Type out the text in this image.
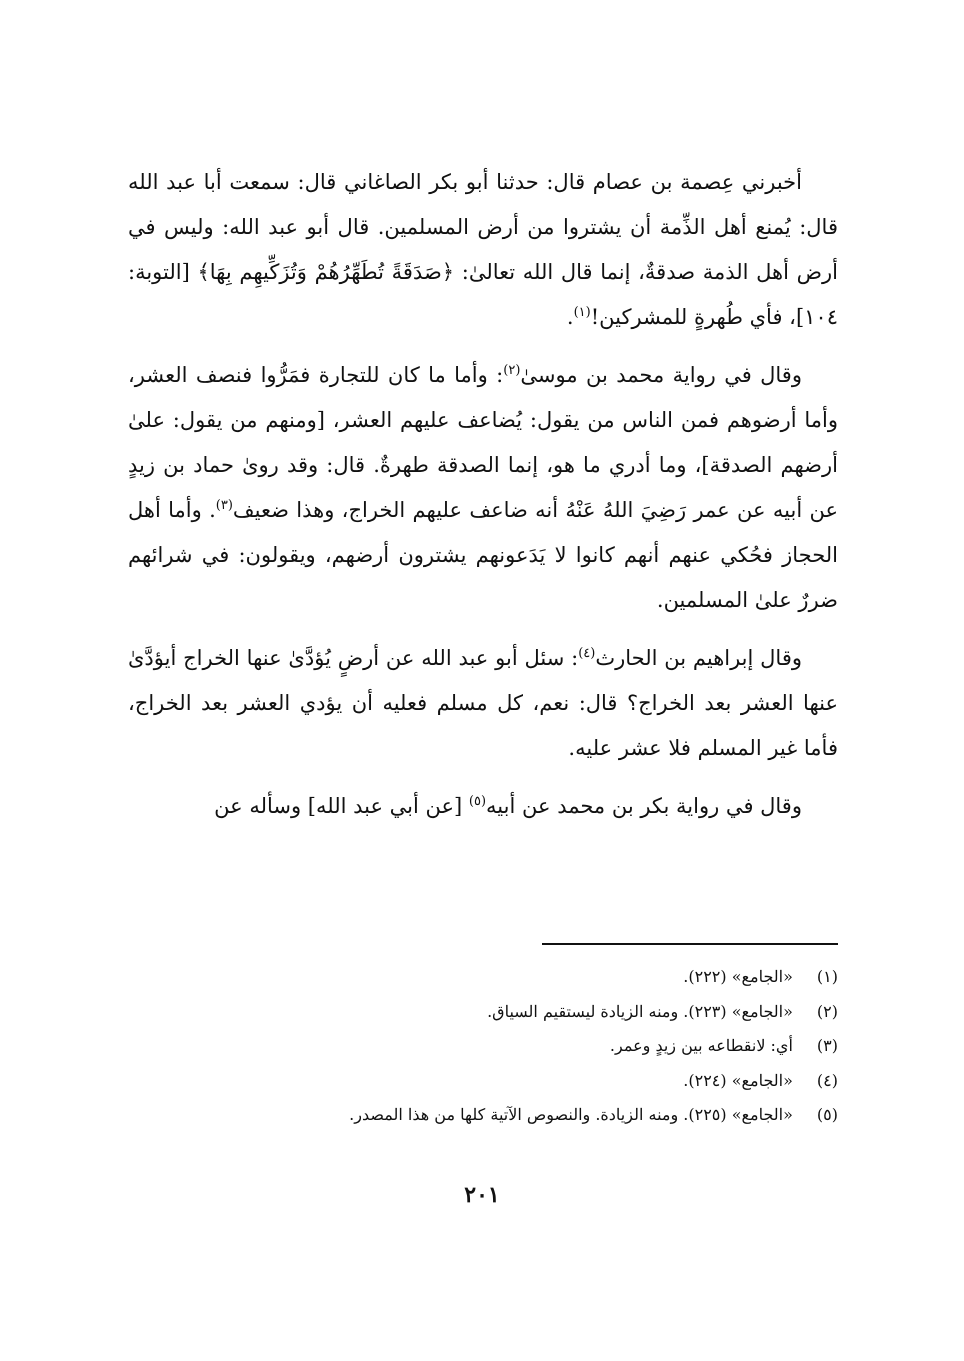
أخبرني عِصمة بن عصام قال: حدثنا أبو بكر الصاغاني قال: سمعت أبا عبد الله قال: يُمنع أهل الذِّمة أن يشتروا من أرض المسلمين. قال أبو عبد الله: وليس في أرض أهل الذمة صدقةٌ، إنما قال الله تعالىٰ: ﴿صَدَقَةً تُطَهِّرُهُمْ وَتُزَكِّيهِم بِهَا﴾ [التوبة: ١٠٤]، فأي طُهرةٍ للمشركين!$^{(١)}$.

وقال في رواية محمد بن موسىٰ$^{(٢)}$: وأما ما كان للتجارة فمَرُّوا فنصف العشر، وأما أرضوهم فمن الناس من يقول: يُضاعف عليهم العشر، [ومنهم من يقول: علىٰ أرضهم الصدقة]، وما أدري ما هو، إنما الصدقة طهرةٌ. قال: وقد روىٰ حماد بن زيدٍ عن أبيه عن عمر رَضِيَ اللهُ عَنْهُ أنه ضاعف عليهم الخراج، وهذا ضعيف$^{(٣)}$. وأما أهل الحجاز فحُكي عنهم أنهم كانوا لا يَدَعونهم يشترون أرضهم، ويقولون: في شرائهم ضررٌ علىٰ المسلمين.

وقال إبراهيم بن الحارث$^{(٤)}$: سئل أبو عبد الله عن أرضٍ يُؤدَّىٰ عنها الخراج أيؤدَّىٰ عنها العشر بعد الخراج؟ قال: نعم، كل مسلم فعليه أن يؤدي العشر بعد الخراج، فأما غير المسلم فلا عشر عليه.

وقال في رواية بكر بن محمد عن أبيه$^{(٥)}$ [عن أبي عبد الله] وسأله عن

(١) «الجامع» (٢٢٢).
(٢) «الجامع» (٢٢٣). ومنه الزيادة ليستقيم السياق.
(٣) أي: لانقطاعه بين زيدٍ وعمر.
(٤) «الجامع» (٢٢٤).
(٥) «الجامع» (٢٢٥). ومنه الزيادة. والنصوص الآتية كلها من هذا المصدر.
٢٠١
